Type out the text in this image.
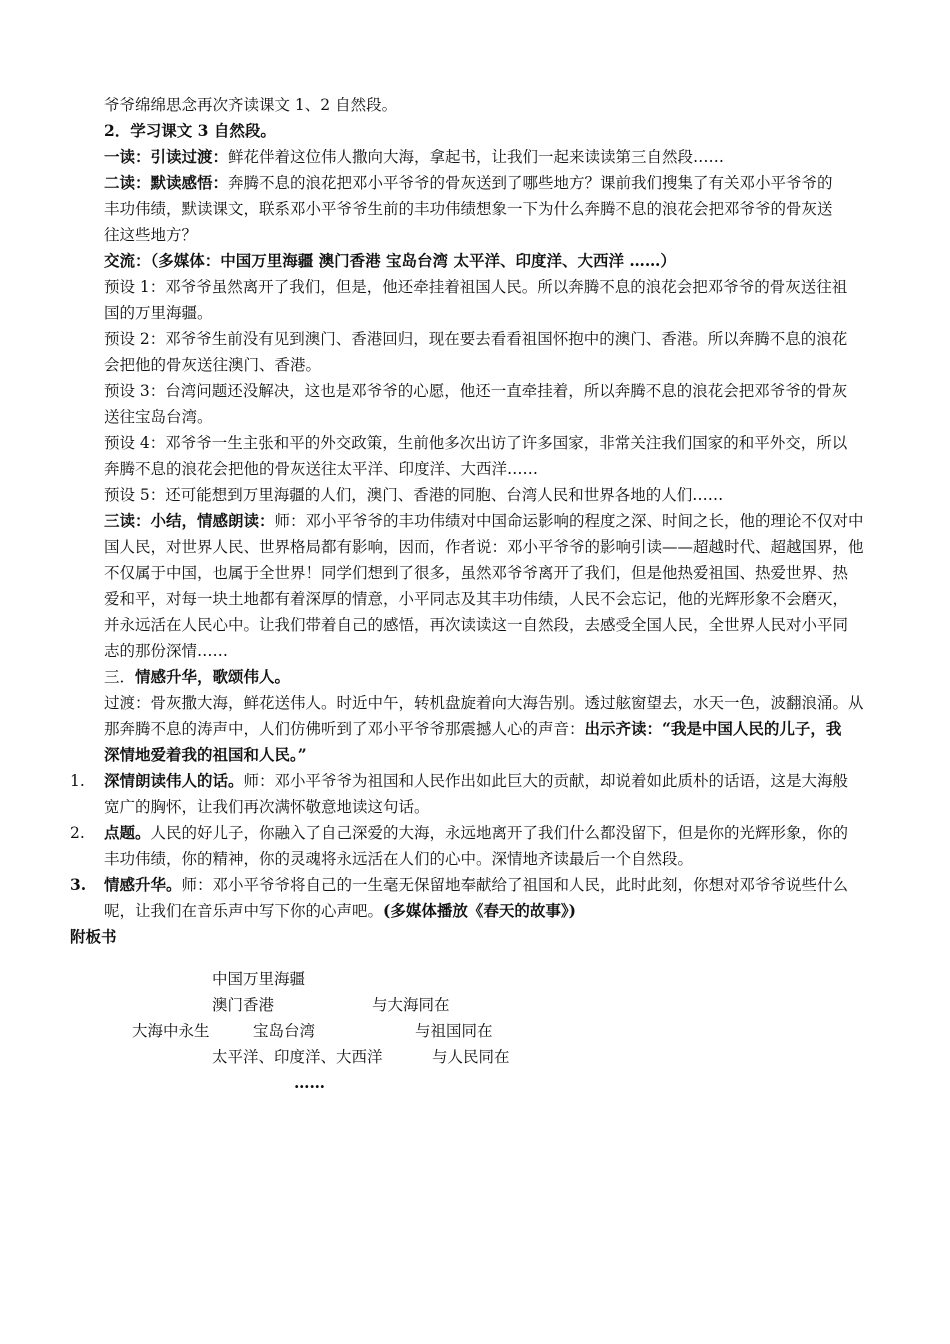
爷爷绵绵思念再次齐读课文 1、2 自然段。
2．学习课文 3 自然段。
一读：引读过渡：鲜花伴着这位伟人撒向大海，拿起书，让我们一起来读读第三自然段……
二读：默读感悟：奔腾不息的浪花把邓小平爷爷的骨灰送到了哪些地方？课前我们搜集了有关邓小平爷爷的
丰功伟绩，默读课文，联系邓小平爷爷生前的丰功伟绩想象一下为什么奔腾不息的浪花会把邓爷爷的骨灰送
往这些地方？
交流：（多媒体：中国万里海疆 澳门香港 宝岛台湾 太平洋、印度洋、大西洋 ……）
预设 1：邓爷爷虽然离开了我们，但是，他还牵挂着祖国人民。所以奔腾不息的浪花会把邓爷爷的骨灰送往祖
国的万里海疆。
预设 2：邓爷爷生前没有见到澳门、香港回归，现在要去看看祖国怀抱中的澳门、香港。所以奔腾不息的浪花
会把他的骨灰送往澳门、香港。
预设 3：台湾问题还没解决，这也是邓爷爷的心愿，他还一直牵挂着，所以奔腾不息的浪花会把邓爷爷的骨灰
送往宝岛台湾。
预设 4：邓爷爷一生主张和平的外交政策，生前他多次出访了许多国家，非常关注我们国家的和平外交，所以
奔腾不息的浪花会把他的骨灰送往太平洋、印度洋、大西洋……
预设 5：还可能想到万里海疆的人们，澳门、香港的同胞、台湾人民和世界各地的人们……
三读：小结，情感朗读：师：邓小平爷爷的丰功伟绩对中国命运影响的程度之深、时间之长，他的理论不仅对中
国人民，对世界人民、世界格局都有影响，因而，作者说：邓小平爷爷的影响引读——超越时代、超越国界，他
不仅属于中国，也属于全世界！同学们想到了很多，虽然邓爷爷离开了我们，但是他热爱祖国、热爱世界、热
爱和平，对每一块土地都有着深厚的情意，小平同志及其丰功伟绩，人民不会忘记，他的光辉形象不会磨灭，
并永远活在人民心中。让我们带着自己的感悟，再次读读这一自然段，去感受全国人民，全世界人民对小平同
志的那份深情……
三．情感升华，歌颂伟人。
过渡：骨灰撒大海，鲜花送伟人。时近中午，转机盘旋着向大海告别。透过舷窗望去，水天一色，波翻浪涌。从
那奔腾不息的涛声中，人们仿佛听到了邓小平爷爷那震撼人心的声音：出示齐读：“我是中国人民的儿子，我
深情地爱着我的祖国和人民。”
1. 深情朗读伟人的话。师：邓小平爷爷为祖国和人民作出如此巨大的贡献，却说着如此质朴的话语，这是大海般
宽广的胸怀，让我们再次满怀敬意地读这句话。
2. 点题。人民的好儿子，你融入了自己深爱的大海，永远地离开了我们什么都没留下，但是你的光辉形象，你的
丰功伟绩，你的精神，你的灵魂将永远活在人们的心中。深情地齐读最后一个自然段。
3. 情感升华。师：邓小平爷爷将自己的一生毫无保留地奉献给了祖国和人民，此时此刻，你想对邓爷爷说些什么
呢，让我们在音乐声中写下你的心声吧。(多媒体播放《春天的故事》)
附板书
中国万里海疆
澳门香港	与大海同在
大海中永生	宝岛台湾	与祖国同在
太平洋、印度洋、大西洋	与人民同在
……
